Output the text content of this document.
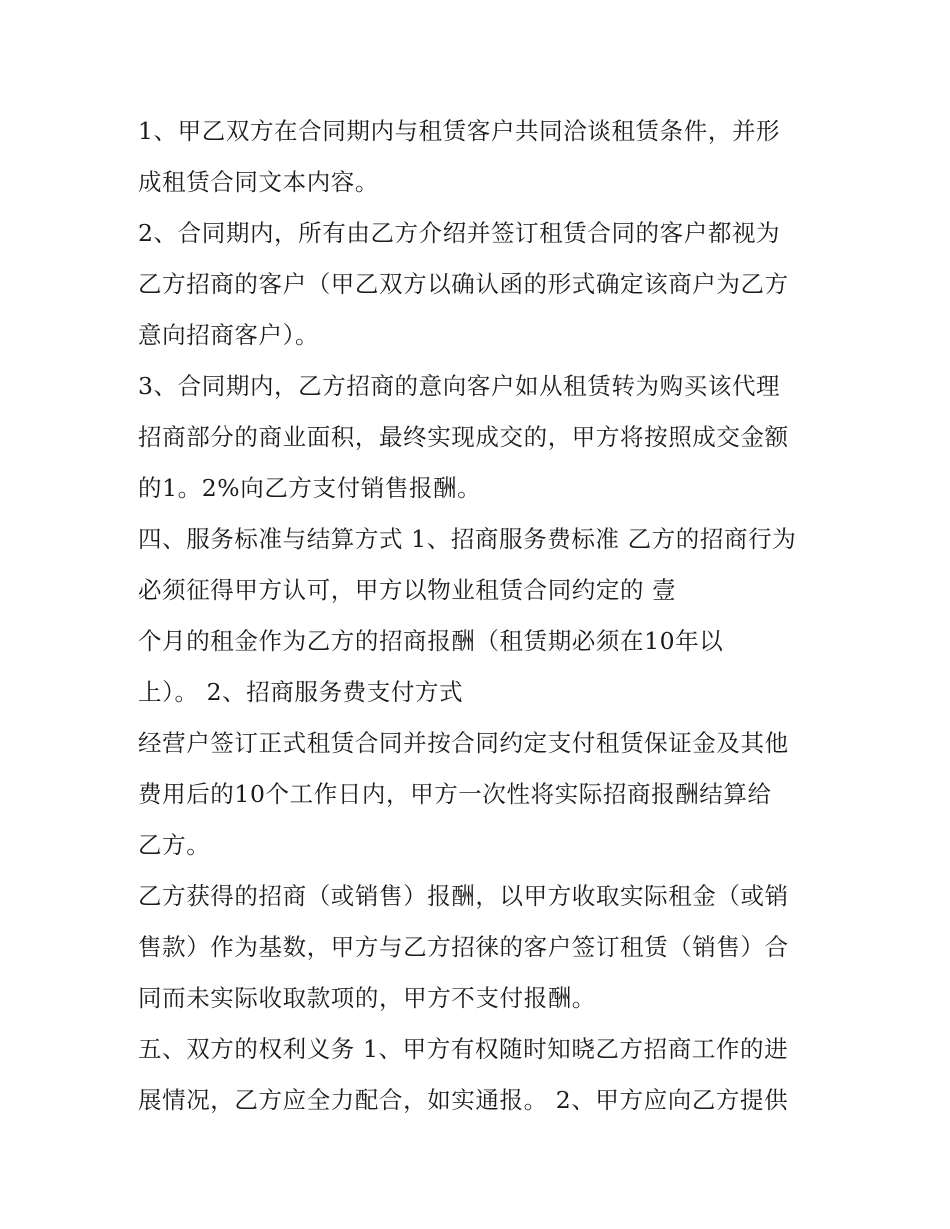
1、甲乙双方在合同期内与租赁客户共同洽谈租赁条件，并形
成租赁合同文本内容。
2、合同期内，所有由乙方介绍并签订租赁合同的客户都视为
乙方招商的客户（甲乙双方以确认函的形式确定该商户为乙方
意向招商客户）。
3、合同期内，乙方招商的意向客户如从租赁转为购买该代理
招商部分的商业面积，最终实现成交的，甲方将按照成交金额
的1。2%向乙方支付销售报酬。
四、服务标准与结算方式 1、招商服务费标准 乙方的招商行为
必须征得甲方认可，甲方以物业租赁合同约定的 壹
个月的租金作为乙方的招商报酬（租赁期必须在10年以
上）。 2、招商服务费支付方式
经营户签订正式租赁合同并按合同约定支付租赁保证金及其他
费用后的10个工作日内，甲方一次性将实际招商报酬结算给
乙方。
乙方获得的招商（或销售）报酬，以甲方收取实际租金（或销
售款）作为基数，甲方与乙方招徕的客户签订租赁（销售）合
同而未实际收取款项的，甲方不支付报酬。
五、双方的权利义务 1、甲方有权随时知晓乙方招商工作的进
展情况，乙方应全力配合，如实通报。 2、甲方应向乙方提供
